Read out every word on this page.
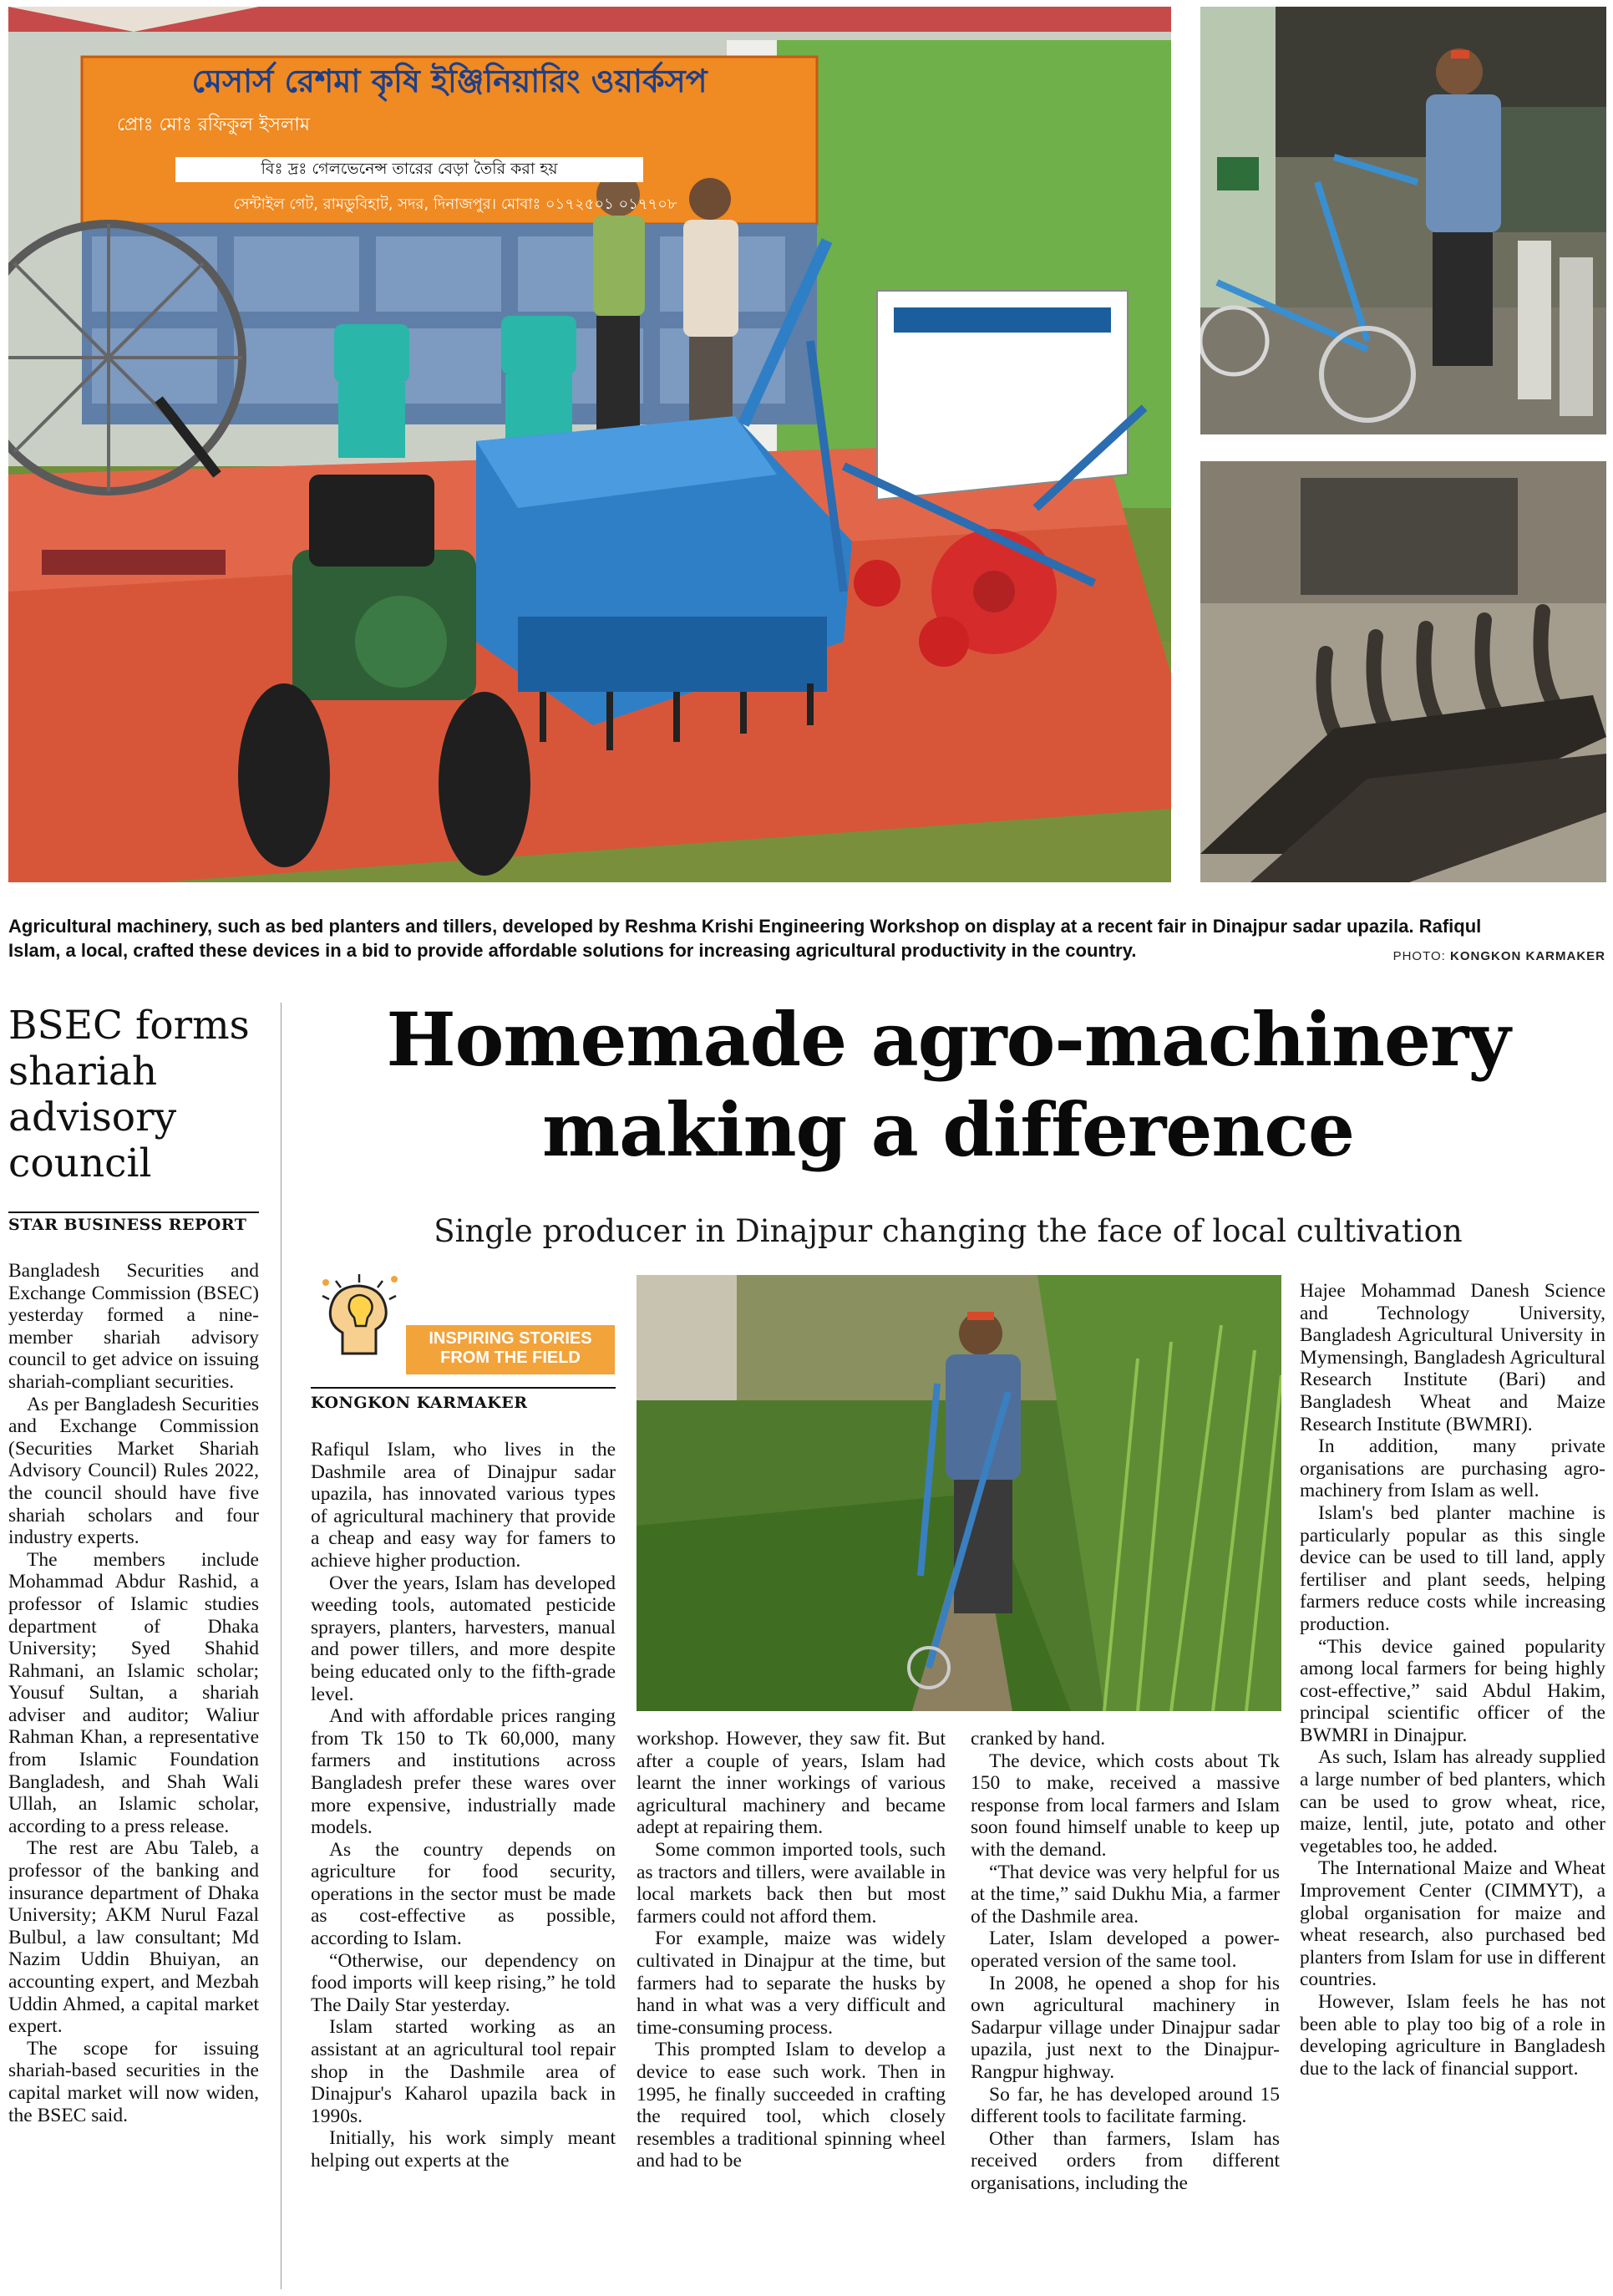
মেসার্স রেশমা কৃষি ইঞ্জিনিয়ারিং ওয়ার্কসপ
প্রোঃ মোঃ রফিকুল ইসলাম
বিঃ দ্রঃ গেলভেনেন্স তারের বেড়া তৈরি করা হয়
সেন্টাইল গেট, রামডুবিহাট, সদর, দিনাজপুর। মোবাঃ ০১৭২৫০১ ০১৭৭০৮
Agricultural machinery, such as bed planters and tillers, developed by Reshma Krishi Engineering Workshop on display at a recent fair in Dinajpur sadar upazila. Rafiqul
Islam, a local, crafted these devices in a bid to provide affordable solutions for increasing agricultural productivity in the country.	PHOTO: KONGKON KARMAKER
BSEC forms
shariah
advisory
council
STAR BUSINESS REPORT

Bangladesh Securities and Exchange Commission (BSEC) yesterday formed a nine-member shariah advisory council to get advice on issuing shariah-compliant securities.

As per Bangladesh Securities and Exchange Commission (Securities Market Shariah Advisory Council) Rules 2022, the council should have five shariah scholars and four industry experts.

The members include Mohammad Abdur Rashid, a professor of Islamic studies department of Dhaka University; Syed Shahid Rahmani, an Islamic scholar; Yousuf Sultan, a shariah adviser and auditor; Waliur Rahman Khan, a representative from Islamic Foundation Bangladesh, and Shah Wali Ullah, an Islamic scholar, according to a press release.

The rest are Abu Taleb, a professor of the banking and insurance department of Dhaka University; AKM Nurul Fazal Bulbul, a law consultant; Md Nazim Uddin Bhuiyan, an accounting expert, and Mezbah Uddin Ahmed, a capital market expert.

The scope for issuing shariah-based securities in the capital market will now widen, the BSEC said.

Homemade agro-machinery
making a difference
Single producer in Dinajpur changing the face of local cultivation
INSPIRING STORIES
FROM THE FIELD
KONGKON KARMAKER

Rafiqul Islam, who lives in the Dashmile area of Dinajpur sadar upazila, has innovated various types of agricultural machinery that provide a cheap and easy way for famers to achieve higher production.

Over the years, Islam has developed weeding tools, automated pesticide sprayers, planters, harvesters, manual and power tillers, and more despite being educated only to the fifth-grade level.

And with affordable prices ranging from Tk 150 to Tk 60,000, many farmers and institutions across Bangladesh prefer these wares over more expensive, industrially made models.

As the country depends on agriculture for food security, operations in the sector must be made as cost-effective as possible, according to Islam.

“Otherwise, our dependency on food imports will keep rising,” he told The Daily Star yesterday.

Islam started working as an assistant at an agricultural tool repair shop in the Dashmile area of Dinajpur's Kaharol upazila back in 1990s.

Initially, his work simply meant helping out experts at the

workshop. However, they saw fit. But after a couple of years, Islam had learnt the inner workings of various agricultural machinery and became adept at repairing them.

Some common imported tools, such as tractors and tillers, were available in local markets back then but most farmers could not afford them.

For example, maize was widely cultivated in Dinajpur at the time, but farmers had to separate the husks by hand in what was a very difficult and time-consuming process.

This prompted Islam to develop a device to ease such work. Then in 1995, he finally succeeded in crafting the required tool, which closely resembles a traditional spinning wheel and had to be

cranked by hand.

The device, which costs about Tk 150 to make, received a massive response from local farmers and Islam soon found himself unable to keep up with the demand.

“That device was very helpful for us at the time,” said Dukhu Mia, a farmer of the Dashmile area.

Later, Islam developed a power-operated version of the same tool.

In 2008, he opened a shop for his own agricultural machinery in Sadarpur village under Dinajpur sadar upazila, just next to the Dinajpur-Rangpur highway.

So far, he has developed around 15 different tools to facilitate farming.

Other than farmers, Islam has received orders from different organisations, including the

Hajee Mohammad Danesh Science and Technology University, Bangladesh Agricultural University in Mymensingh, Bangladesh Agricultural Research Institute (Bari) and Bangladesh Wheat and Maize Research Institute (BWMRI).

In addition, many private organisations are purchasing agro-machinery from Islam as well.

Islam's bed planter machine is particularly popular as this single device can be used to till land, apply fertiliser and plant seeds, helping farmers reduce costs while increasing production.

“This device gained popularity among local farmers for being highly cost-effective,” said Abdul Hakim, principal scientific officer of the BWMRI in Dinajpur.

As such, Islam has already supplied a large number of bed planters, which can be used to grow wheat, rice, maize, lentil, jute, potato and other vegetables too, he added.

The International Maize and Wheat Improvement Center (CIMMYT), a global organisation for maize and wheat research, also purchased bed planters from Islam for use in different countries.

However, Islam feels he has not been able to play too big of a role in developing agriculture in Bangladesh due to the lack of financial support.
